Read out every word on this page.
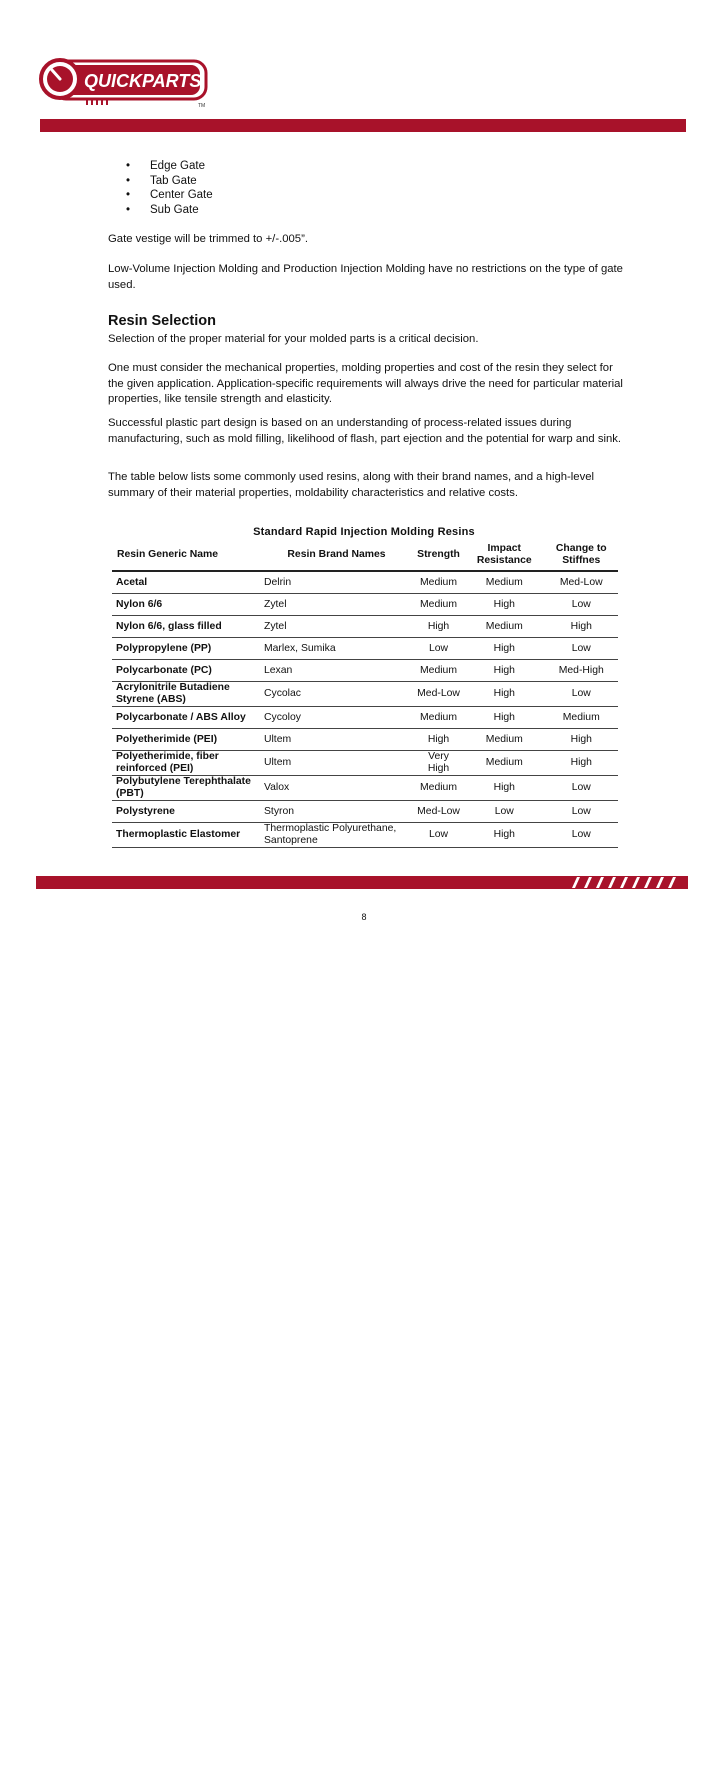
QUICKPARTS
TM
• Edge Gate
• Tab Gate
• Center Gate
• Sub Gate

Gate vestige will be trimmed to +/-.005”.

Low-Volume Injection Molding and Production Injection Molding have no restrictions on the type of gate used.

Resin Selection

Selection of the proper material for your molded parts is a critical decision.

One must consider the mechanical properties, molding properties and cost of the resin they select for the given application. Application-specific requirements will always drive the need for particular material properties, like tensile strength and elasticity.

Successful plastic part design is based on an understanding of process-related issues during manufacturing, such as mold filling, likelihood of flash, part ejection and the potential for warp and sink.

The table below lists some commonly used resins, along with their brand names, and a high-level summary of their material properties, moldability characteristics and relative costs.

Standard Rapid Injection Molding Resins
Resin Generic Name	Resin Brand Names	Strength	Impact Resistance	Change to Stiffnes
Acetal	Delrin	Medium	Medium	Med-Low
Nylon 6/6	Zytel	Medium	High	Low
Nylon 6/6, glass filled	Zytel	High	Medium	High
Polypropylene (PP)	Marlex, Sumika	Low	High	Low
Polycarbonate (PC)	Lexan	Medium	High	Med-High
Acrylonitrile Butadiene Styrene (ABS)	Cycolac	Med-Low	High	Low
Polycarbonate / ABS Alloy	Cycoloy	Medium	High	Medium
Polyetherimide (PEI)	Ultem	High	Medium	High
Polyetherimide, fiber reinforced (PEI)	Ultem	Very High	Medium	High
Polybutylene Terephthalate (PBT)	Valox	Medium	High	Low
Polystyrene	Styron	Med-Low	Low	Low
Thermoplastic Elastomer	Thermoplastic Polyurethane, Santoprene	Low	High	Low
Your Single Source For Custom Parts.
8
